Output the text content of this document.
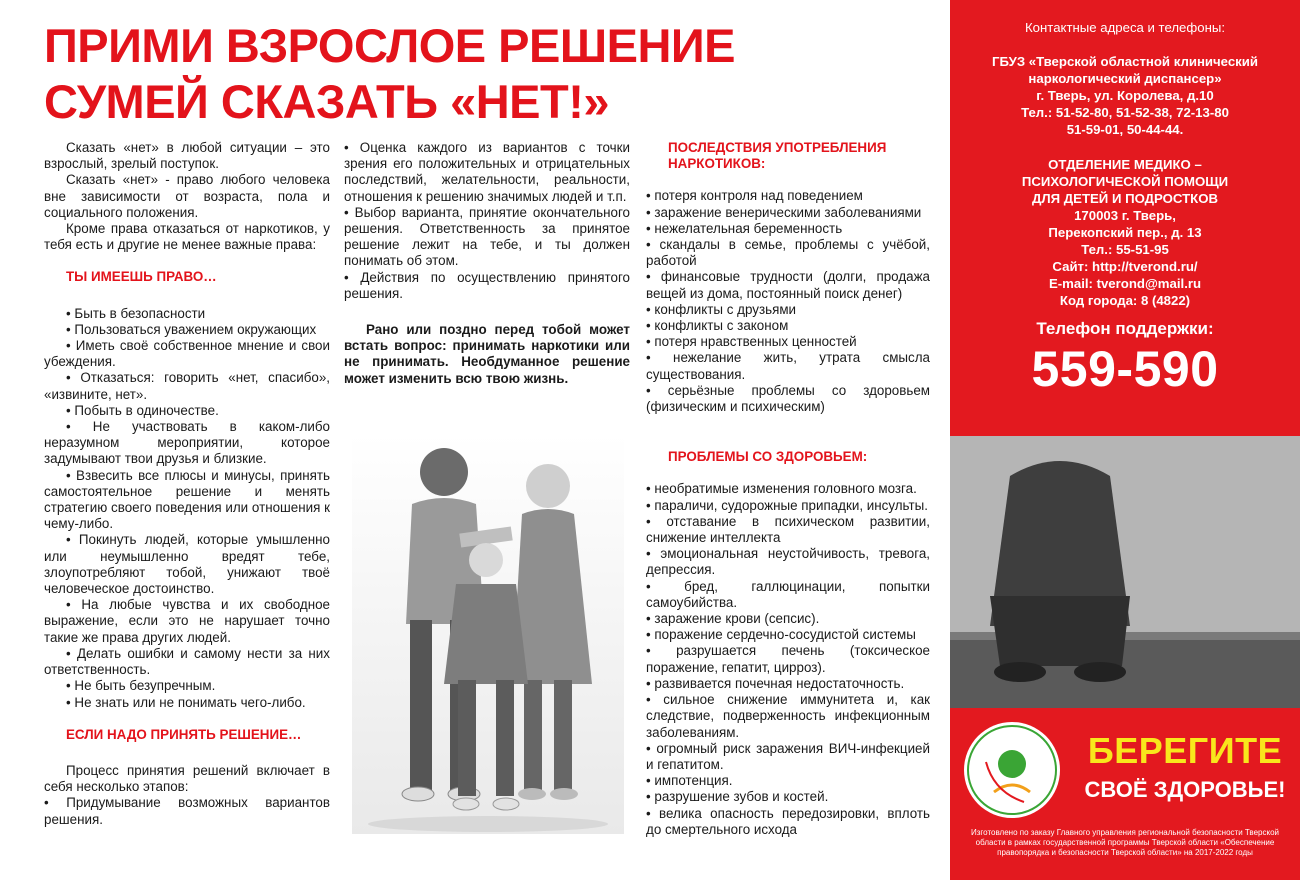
ПРИМИ ВЗРОСЛОЕ РЕШЕНИЕ
СУМЕЙ СКАЗАТЬ «НЕТ!»

Сказать «нет» в любой ситуации – это взрослый, зрелый поступок.

Сказать «нет» - право любого человека вне зависимости от возраста, пола и социального положения.

Кроме права отказаться от наркотиков, у тебя есть и другие не менее важные права:

ТЫ ИМЕЕШЬ ПРАВО…

• Быть в безопасности

• Пользоваться уважением окружающих

• Иметь своё собственное мнение и свои убеждения.

• Отказаться: говорить «нет, спасибо», «извините, нет».

• Побыть в одиночестве.

• Не участвовать в каком-либо неразумном мероприятии, которое задумывают твои друзья и близкие.

• Взвесить все плюсы и минусы, принять самостоятельное решение и менять стратегию своего поведения или отношения к чему-либо.

• Покинуть людей, которые умышленно или неумышленно вредят тебе, злоупотребляют тобой, унижают твоё человеческое достоинство.

• На любые чувства и их свободное выражение, если это не нарушает точно такие же права других людей.

• Делать ошибки и самому нести за них ответственность.

• Не быть безупречным.

• Не знать или не понимать чего-либо.

ЕСЛИ НАДО ПРИНЯТЬ РЕШЕНИЕ…

Процесс принятия решений включает в себя несколько этапов:

• Придумывание возможных вариантов решения.

• Оценка каждого из вариантов с точки зрения его положительных и отрицательных последствий, желательности, реальности, отношения к решению значимых людей и т.п.

• Выбор варианта, принятие окончательного решения. Ответственность за принятое решение лежит на тебе, и ты должен понимать об этом.

• Действия по осуществлению принятого решения.

Рано или поздно перед тобой может встать вопрос: принимать наркотики или не принимать. Необдуманное решение может изменить всю твою жизнь.

ПОСЛЕДСТВИЯ УПОТРЕБЛЕНИЯ НАРКОТИКОВ:

• потеря контроля над поведением

• заражение венерическими заболеваниями

• нежелательная беременность

• скандалы в семье, проблемы с учёбой, работой

• финансовые трудности (долги, продажа вещей из дома, постоянный поиск денег)

• конфликты с друзьями

• конфликты с законом

• потеря нравственных ценностей

• нежелание жить, утрата смысла существования.

• серьёзные проблемы со здоровьем (физическим и психическим)

ПРОБЛЕМЫ СО ЗДОРОВЬЕМ:

• необратимые изменения головного мозга.

• параличи, судорожные припадки, инсульты.

• отставание в психическом развитии, снижение интеллекта

• эмоциональная неустойчивость, тревога, депрессия.

• бред, галлюцинации, попытки самоубийства.

• заражение крови (сепсис).

• поражение сердечно-сосудистой системы

• разрушается печень (токсическое поражение, гепатит, цирроз).

• развивается почечная недостаточность.

• сильное снижение иммунитета и, как следствие, подверженность инфекционным заболеваниям.

• огромный риск заражения ВИЧ-инфекцией и гепатитом.

• импотенция.

• разрушение зубов и костей.

• велика опасность передозировки, вплоть до смертельного исхода

Контактные адреса и телефоны:
ГБУЗ «Тверской областной клинический
наркологический диспансер»
г. Тверь, ул. Королева, д.10
Тел.: 51-52-80, 51-52-38, 72-13-80
51-59-01, 50-44-44.
ОТДЕЛЕНИЕ МЕДИКО –
ПСИХОЛОГИЧЕСКОЙ ПОМОЩИ
ДЛЯ ДЕТЕЙ И ПОДРОСТКОВ
170003 г. Тверь,
Перекопский пер., д. 13
Тел.: 55-51-95
Сайт: http://tverond.ru/
E-mail: tverond@mail.ru
Код города: 8 (4822)
Телефон поддержки:
559-590
БЕРЕГИТЕ
СВОЁ ЗДОРОВЬЕ!
Изготовлено по заказу Главного управления региональной безопасности Тверской области в рамках государственной программы Тверской области «Обеспечение правопорядка и безопасности Тверской области» на 2017-2022 годы
